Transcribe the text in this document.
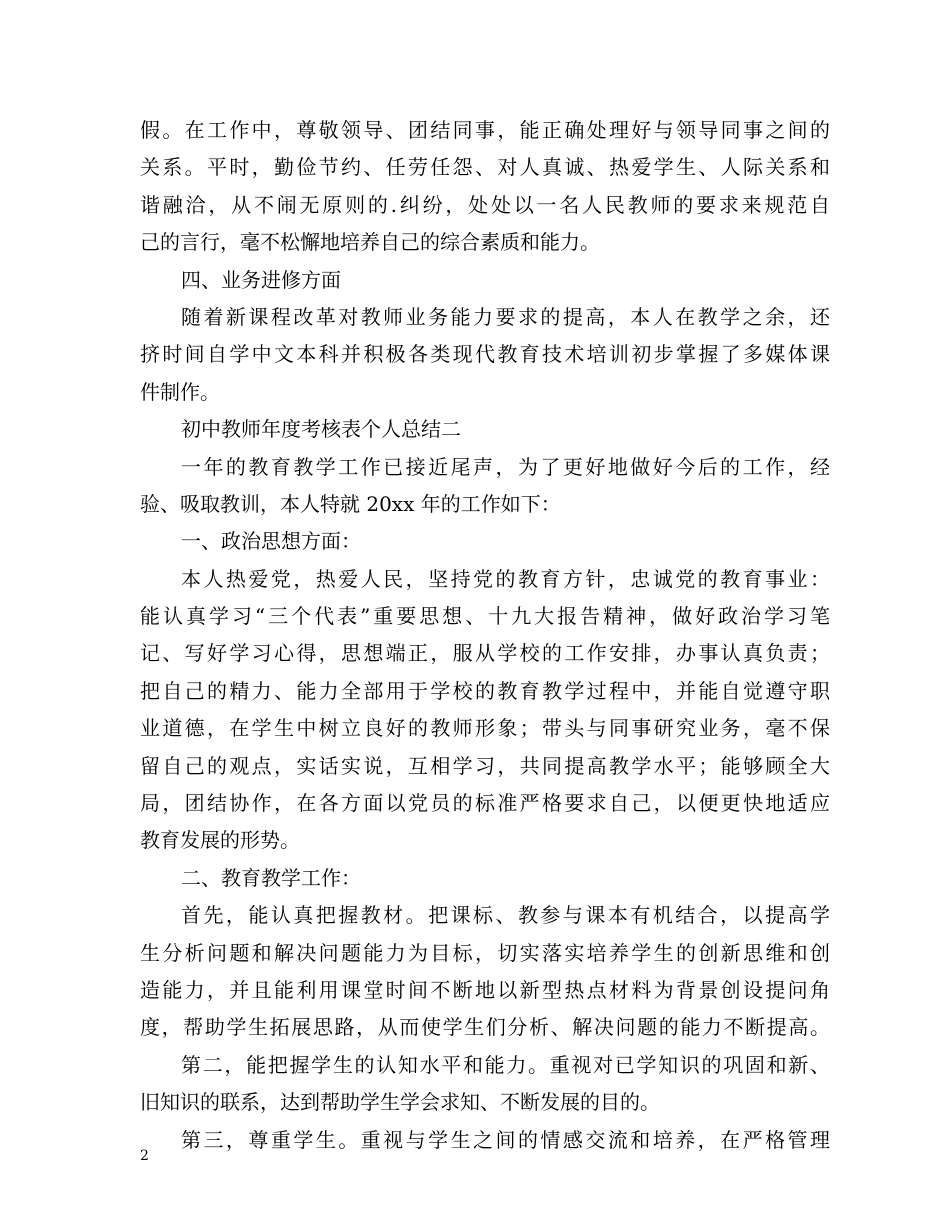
假。在工作中，尊敬领导、团结同事，能正确处理好与领导同事之间的
关系。平时，勤俭节约、任劳任怨、对人真诚、热爱学生、人际关系和
谐融洽，从不闹无原则的.纠纷，处处以一名人民教师的要求来规范自
己的言行，毫不松懈地培养自己的综合素质和能力。
四、业务进修方面
随着新课程改革对教师业务能力要求的提高，本人在教学之余，还
挤时间自学中文本科并积极各类现代教育技术培训初步掌握了多媒体课
件制作。
初中教师年度考核表个人总结二
一年的教育教学工作已接近尾声，为了更好地做好今后的工作，经
验、吸取教训，本人特就 20xx 年的工作如下：
一、政治思想方面：
本人热爱党，热爱人民，坚持党的教育方针，忠诚党的教育事业：
能认真学习“三个代表”重要思想、十九大报告精神，做好政治学习笔
记、写好学习心得，思想端正，服从学校的工作安排，办事认真负责；
把自己的精力、能力全部用于学校的教育教学过程中，并能自觉遵守职
业道德，在学生中树立良好的教师形象；带头与同事研究业务，毫不保
留自己的观点，实话实说，互相学习，共同提高教学水平；能够顾全大
局，团结协作，在各方面以党员的标准严格要求自己，以便更快地适应
教育发展的形势。
二、教育教学工作：
首先，能认真把握教材。把课标、教参与课本有机结合，以提高学
生分析问题和解决问题能力为目标，切实落实培养学生的创新思维和创
造能力，并且能利用课堂时间不断地以新型热点材料为背景创设提问角
度，帮助学生拓展思路，从而使学生们分析、解决问题的能力不断提高。
第二，能把握学生的认知水平和能力。重视对已学知识的巩固和新、
旧知识的联系，达到帮助学生学会求知、不断发展的目的。
第三，尊重学生。重视与学生之间的情感交流和培养，在严格管理
2
